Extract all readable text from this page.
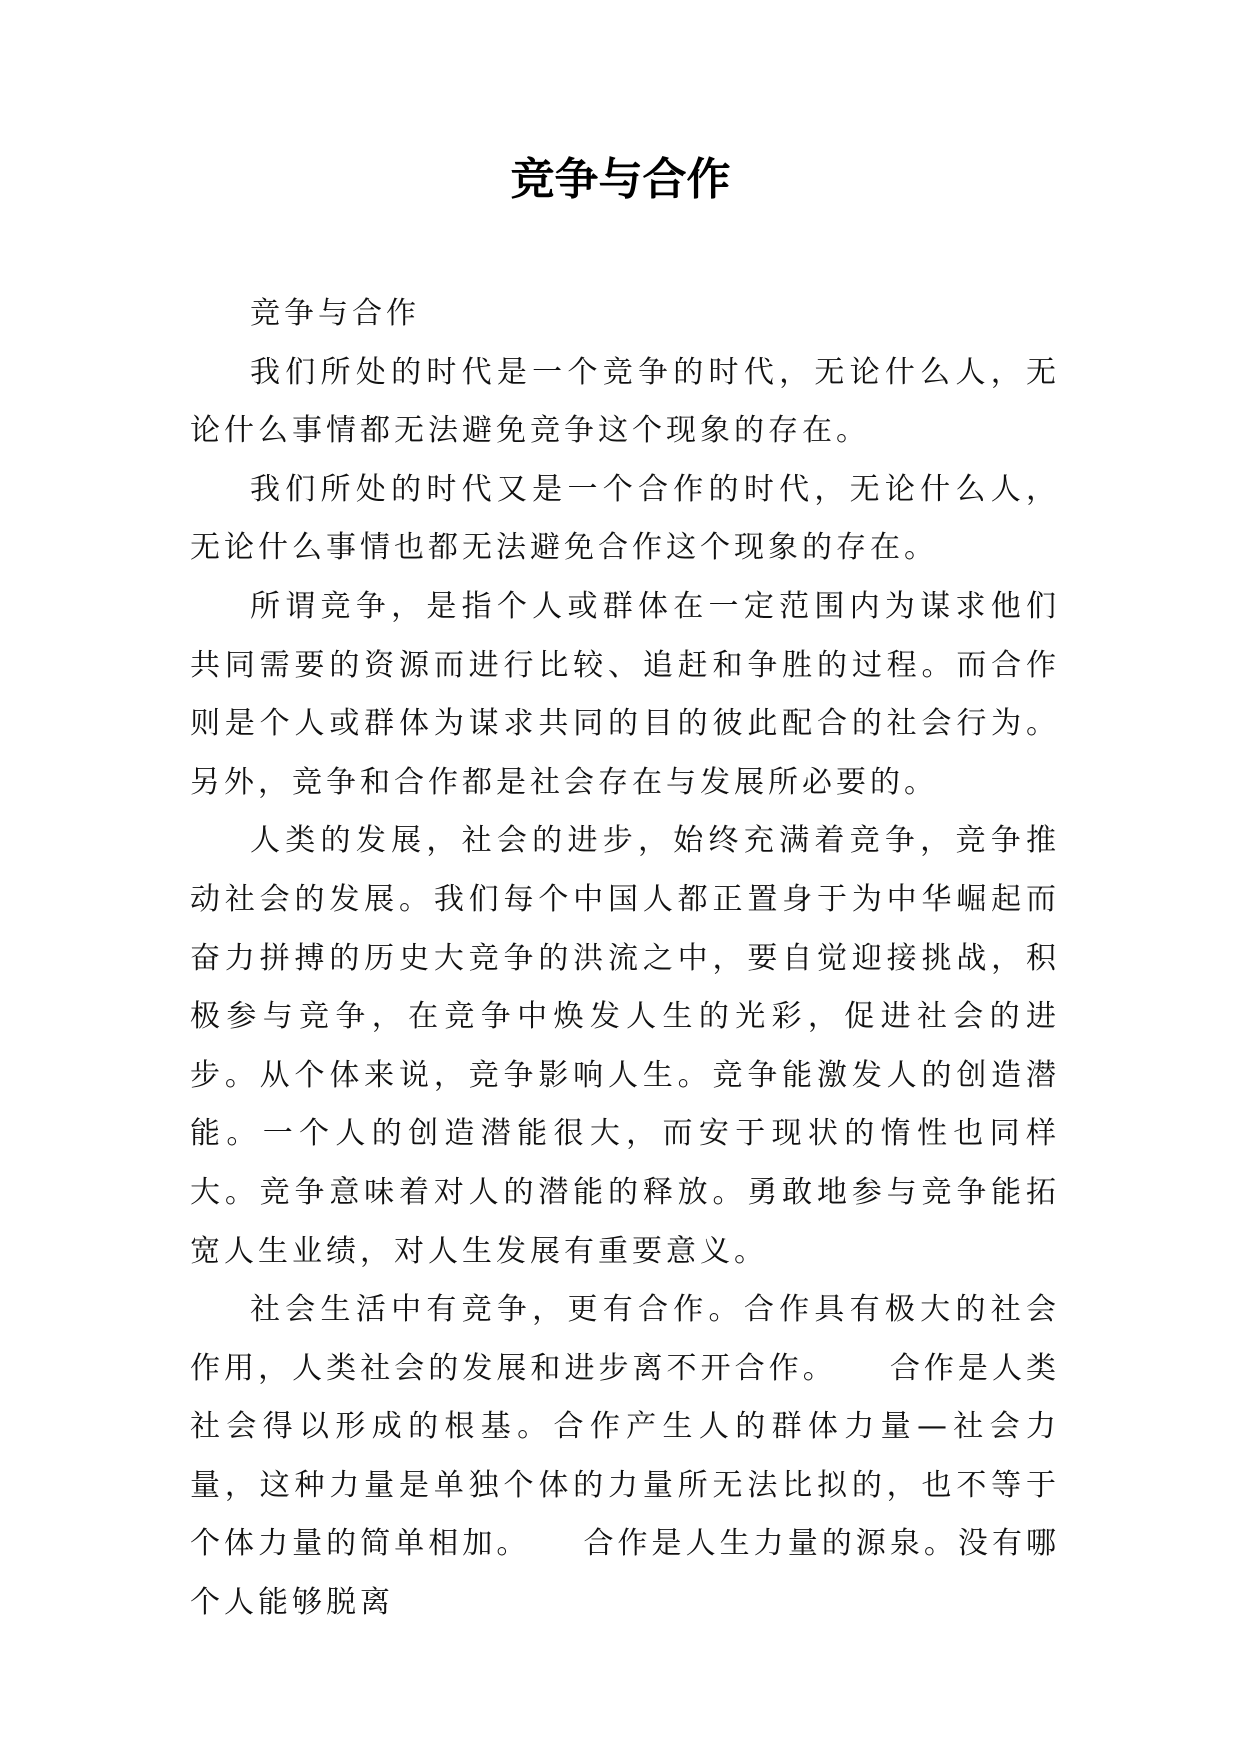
竞争与合作

竞争与合作

我们所处的时代是一个竞争的时代，无论什么人，无论什么事情都无法避免竞争这个现象的存在。

我们所处的时代又是一个合作的时代，无论什么人，无论什么事情也都无法避免合作这个现象的存在。

所谓竞争，是指个人或群体在一定范围内为谋求他们共同需要的资源而进行比较、追赶和争胜的过程。而合作则是个人或群体为谋求共同的目的彼此配合的社会行为。另外，竞争和合作都是社会存在与发展所必要的。

人类的发展，社会的进步，始终充满着竞争，竞争推动社会的发展。我们每个中国人都正置身于为中华崛起而奋力拼搏的历史大竞争的洪流之中，要自觉迎接挑战，积极参与竞争，在竞争中焕发人生的光彩，促进社会的进步。从个体来说，竞争影响人生。竞争能激发人的创造潜能。一个人的创造潜能很大，而安于现状的惰性也同样大。竞争意味着对人的潜能的释放。勇敢地参与竞争能拓宽人生业绩，对人生发展有重要意义。

社会生活中有竞争，更有合作。合作具有极大的社会作用，人类社会的发展和进步离不开合作。　　合作是人类社会得以形成的根基。合作产生人的群体力量—社会力量，这种力量是单独个体的力量所无法比拟的，也不等于个体力量的简单相加。　　合作是人生力量的源泉。没有哪个人能够脱离
